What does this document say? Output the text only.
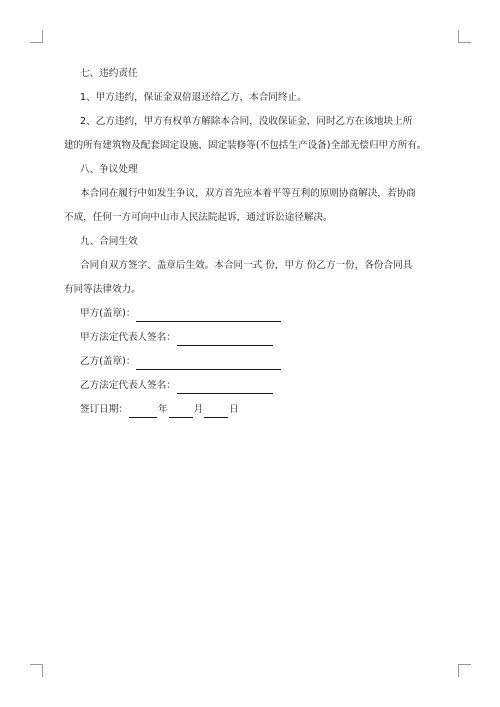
七、违约责任

1、甲方违约，保证金双倍退还给乙方，本合同终止。

2、乙方违约，甲方有权单方解除本合同，没收保证金，同时乙方在该地块上所

建的所有建筑物及配套固定设施、固定装修等(不包括生产设备)全部无偿归甲方所有。

八、争议处理

本合同在履行中如发生争议，双方首先应本着平等互利的原则协商解决，若协商

不成，任何一方可向中山市人民法院起诉，通过诉讼途径解决。

九、合同生效

合同自双方签字、盖章后生效。本合同一式 份，甲方 份乙方一份，各份合同具

有同等法律效力。

甲方(盖章)：
甲方法定代表人签名：
乙方(盖章)：
乙方法定代表人签名：
签订日期：	年	月	日
